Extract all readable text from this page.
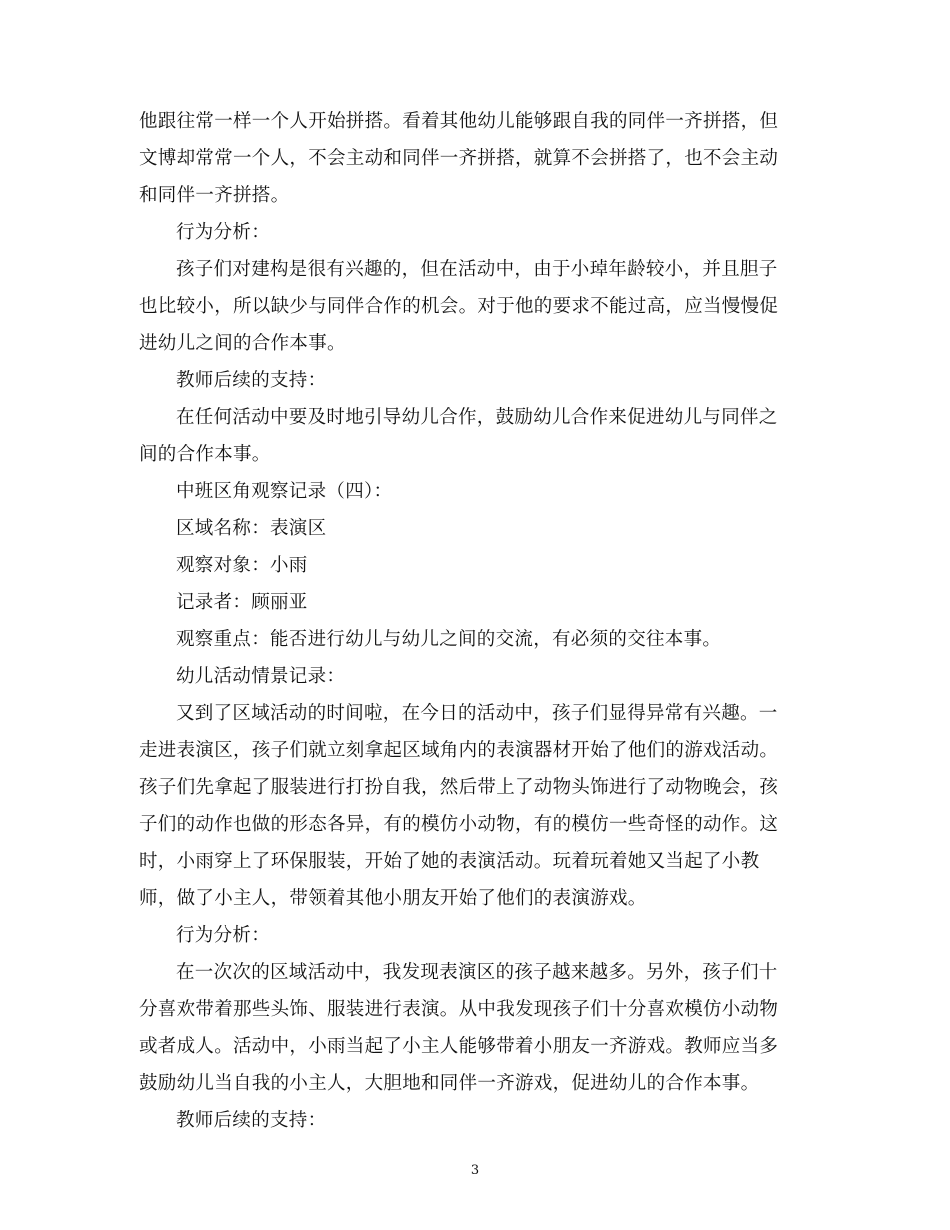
他跟往常一样一个人开始拼搭。看着其他幼儿能够跟自我的同伴一齐拼搭，但
文博却常常一个人，不会主动和同伴一齐拼搭，就算不会拼搭了，也不会主动
和同伴一齐拼搭。
行为分析：
孩子们对建构是很有兴趣的，但在活动中，由于小琸年龄较小，并且胆子
也比较小，所以缺少与同伴合作的机会。对于他的要求不能过高，应当慢慢促
进幼儿之间的合作本事。
教师后续的支持：
在任何活动中要及时地引导幼儿合作，鼓励幼儿合作来促进幼儿与同伴之
间的合作本事。
中班区角观察记录（四）：
区域名称：表演区
观察对象：小雨
记录者：顾丽亚
观察重点：能否进行幼儿与幼儿之间的交流，有必须的交往本事。
幼儿活动情景记录：
又到了区域活动的时间啦，在今日的活动中，孩子们显得异常有兴趣。一
走进表演区，孩子们就立刻拿起区域角内的表演器材开始了他们的游戏活动。
孩子们先拿起了服装进行打扮自我，然后带上了动物头饰进行了动物晚会，孩
子们的动作也做的形态各异，有的模仿小动物，有的模仿一些奇怪的动作。这
时，小雨穿上了环保服装，开始了她的表演活动。玩着玩着她又当起了小教
师，做了小主人，带领着其他小朋友开始了他们的表演游戏。
行为分析：
在一次次的区域活动中，我发现表演区的孩子越来越多。另外，孩子们十
分喜欢带着那些头饰、服装进行表演。从中我发现孩子们十分喜欢模仿小动物
或者成人。活动中，小雨当起了小主人能够带着小朋友一齐游戏。教师应当多
鼓励幼儿当自我的小主人，大胆地和同伴一齐游戏，促进幼儿的合作本事。
教师后续的支持：
3
